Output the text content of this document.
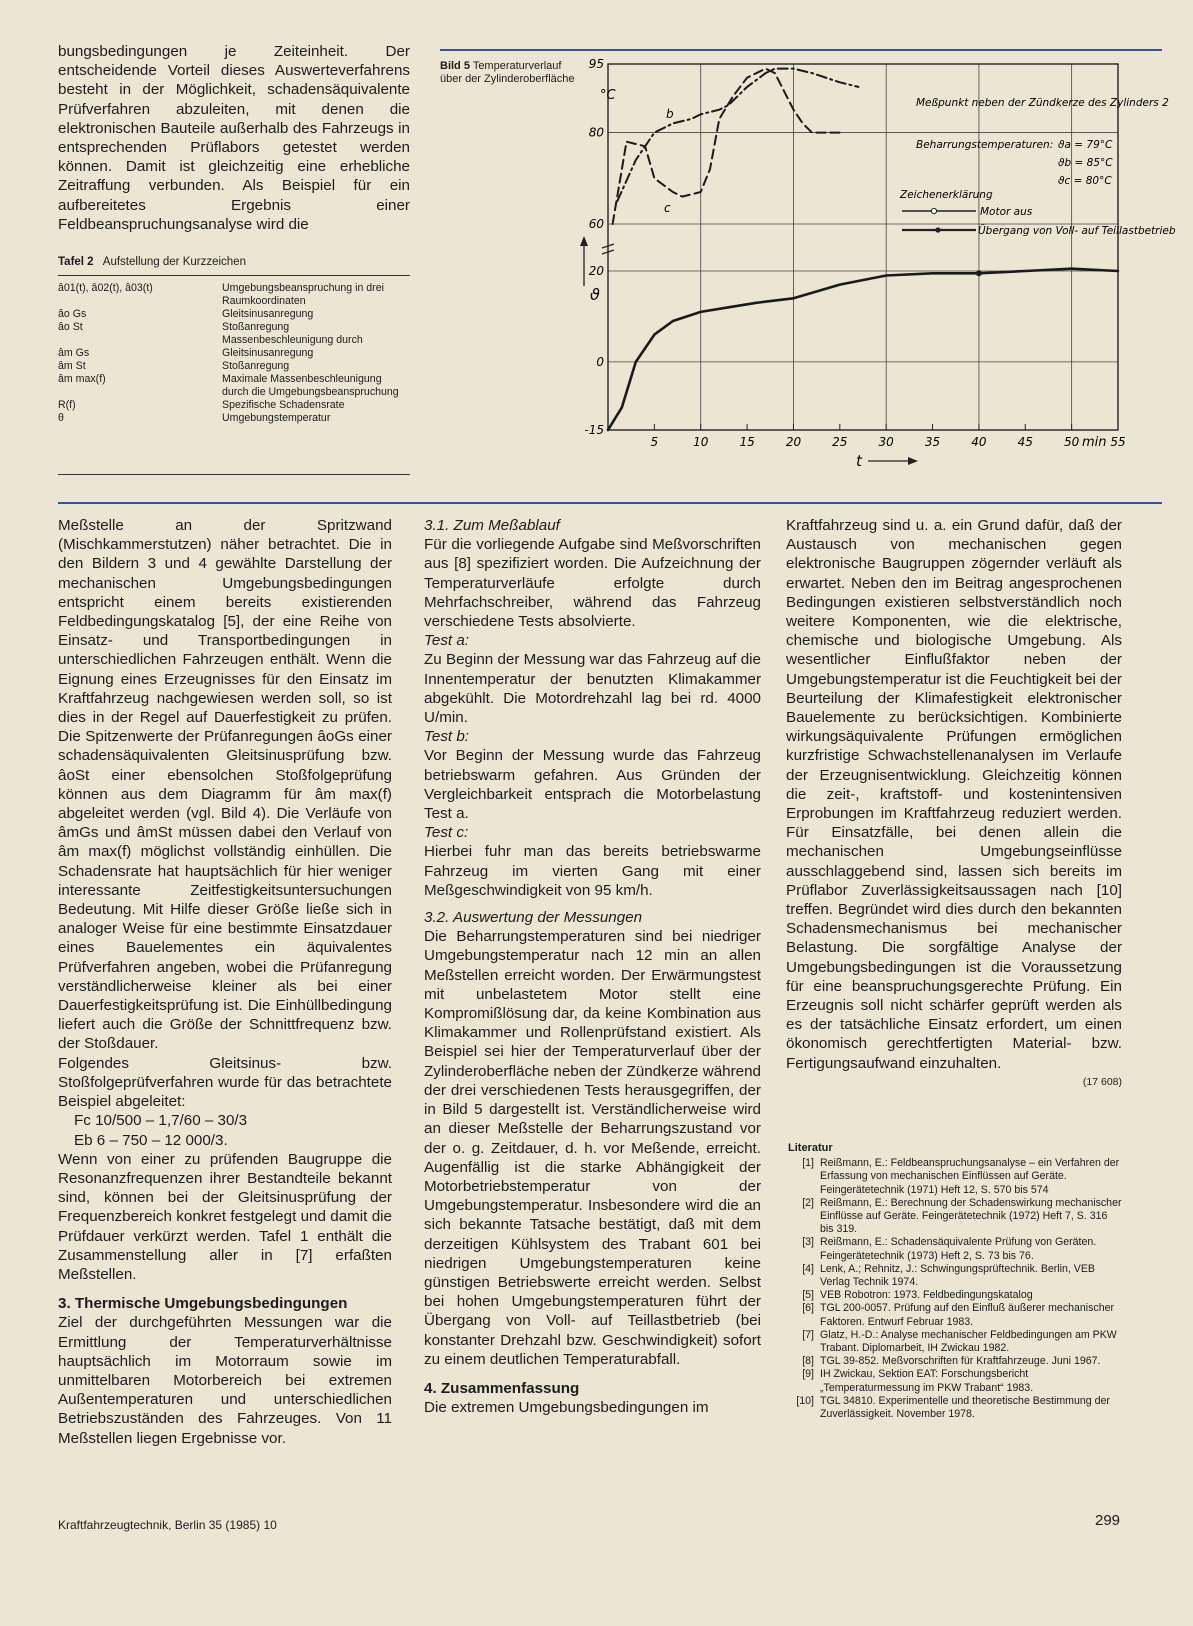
bungsbedingungen je Zeiteinheit. Der entscheidende Vorteil dieses Auswerteverfahrens besteht in der Möglichkeit, schadensäquivalente Prüfverfahren abzuleiten, mit denen die elektronischen Bauteile außerhalb des Fahrzeugs in entsprechenden Prüflabors getestet werden können. Damit ist gleichzeitig eine erhebliche Zeitraffung verbunden. Als Beispiel für ein aufbereitetes Ergebnis einer Feldbeanspruchungsanalyse wird die

Tafel 2 Aufstellung der Kurzzeichen
â01(t), â02(t), â03(t)	Umgebungsbeanspruchung in drei Raumkoordinaten
âo Gs	Gleitsinusanregung
âo St	Stoßanregung
	Massenbeschleunigung durch
âm Gs	Gleitsinusanregung
âm St	Stoßanregung
âm max(f)	Maximale Massenbeschleunigung durch die Umgebungsbeanspruchung
R(f)	Spezifische Schadensrate
θ	Umgebungstemperatur
Bild 5 Temperaturverlauf über der Zylinderoberfläche
5	10	15	20	25	30	35	40	45	50	55
-15
0
20
60
80
95
°C
ϑ
t
min
b
c
Meßpunkt neben der Zündkerze des Zylinders 2
Beharrungstemperaturen: ϑa = 79°C
ϑb = 85°C
ϑc = 80°C
Zeichenerklärung
Motor aus
Übergang von Voll- auf Teillastbetrieb

Meßstelle an der Spritzwand (Mischkammerstutzen) näher betrachtet. Die in den Bildern 3 und 4 gewählte Darstellung der mechanischen Umgebungsbedingungen entspricht einem bereits existierenden Feldbedingungskatalog [5], der eine Reihe von Einsatz- und Transportbedingungen in unterschiedlichen Fahrzeugen enthält. Wenn die Eignung eines Erzeugnisses für den Einsatz im Kraftfahrzeug nachgewiesen werden soll, so ist dies in der Regel auf Dauerfestigkeit zu prüfen. Die Spitzenwerte der Prüfanregungen âoGs einer schadensäquivalenten Gleitsinusprüfung bzw. âoSt einer ebensolchen Stoßfolgeprüfung können aus dem Diagramm für âm max(f) abgeleitet werden (vgl. Bild 4). Die Verläufe von âmGs und âmSt müssen dabei den Verlauf von âm max(f) möglichst vollständig einhüllen. Die Schadensrate hat hauptsächlich für hier weniger interessante Zeitfestigkeitsuntersuchungen Bedeutung. Mit Hilfe dieser Größe ließe sich in analoger Weise für eine bestimmte Einsatzdauer eines Bauelementes ein äquivalentes Prüfverfahren angeben, wobei die Prüfanregung verständlicherweise kleiner als bei einer Dauerfestigkeitsprüfung ist. Die Einhüllbedingung liefert auch die Größe der Schnittfrequenz bzw. der Stoßdauer.

Folgendes Gleitsinus- bzw. Stoßfolgeprüfverfahren wurde für das betrachtete Beispiel abgeleitet:

Fc 10/500 – 1,7/60 – 30/3

Eb 6 – 750 – 12 000/3.

Wenn von einer zu prüfenden Baugruppe die Resonanzfrequenzen ihrer Bestandteile bekannt sind, können bei der Gleitsinusprüfung der Frequenzbereich konkret festgelegt und damit die Prüfdauer verkürzt werden. Tafel 1 enthält die Zusammenstellung aller in [7] erfaßten Meßstellen.

3. Thermische Umgebungsbedingungen

Ziel der durchgeführten Messungen war die Ermittlung der Temperaturverhältnisse hauptsächlich im Motorraum sowie im unmittelbaren Motorbereich bei extremen Außentemperaturen und unterschiedlichen Betriebszuständen des Fahrzeuges. Von 11 Meßstellen liegen Ergebnisse vor.

3.1. Zum Meßablauf

Für die vorliegende Aufgabe sind Meßvorschriften aus [8] spezifiziert worden. Die Aufzeichnung der Temperaturverläufe erfolgte durch Mehrfachschreiber, während das Fahrzeug verschiedene Tests absolvierte.

Test a:

Zu Beginn der Messung war das Fahrzeug auf die Innentemperatur der benutzten Klimakammer abgekühlt. Die Motordrehzahl lag bei rd. 4000 U/min.

Test b:

Vor Beginn der Messung wurde das Fahrzeug betriebswarm gefahren. Aus Gründen der Vergleichbarkeit entsprach die Motorbelastung Test a.

Test c:

Hierbei fuhr man das bereits betriebswarme Fahrzeug im vierten Gang mit einer Meßgeschwindigkeit von 95 km/h.

3.2. Auswertung der Messungen

Die Beharrungstemperaturen sind bei niedriger Umgebungstemperatur nach 12 min an allen Meßstellen erreicht worden. Der Erwärmungstest mit unbelastetem Motor stellt eine Kompromißlösung dar, da keine Kombination aus Klimakammer und Rollenprüfstand existiert. Als Beispiel sei hier der Temperaturverlauf über der Zylinderoberfläche neben der Zündkerze während der drei verschiedenen Tests herausgegriffen, der in Bild 5 dargestellt ist. Verständlicherweise wird an dieser Meßstelle der Beharrungszustand vor der o. g. Zeitdauer, d. h. vor Meßende, erreicht. Augenfällig ist die starke Abhängigkeit der Motorbetriebstemperatur von der Umgebungstemperatur. Insbesondere wird die an sich bekannte Tatsache bestätigt, daß mit dem derzeitigen Kühlsystem des Trabant 601 bei niedrigen Umgebungstemperaturen keine günstigen Betriebswerte erreicht werden. Selbst bei hohen Umgebungstemperaturen führt der Übergang von Voll- auf Teillastbetrieb (bei konstanter Drehzahl bzw. Geschwindigkeit) sofort zu einem deutlichen Temperaturabfall.

4. Zusammenfassung

Die extremen Umgebungsbedingungen im

Kraftfahrzeug sind u. a. ein Grund dafür, daß der Austausch von mechanischen gegen elektronische Baugruppen zögernder verläuft als erwartet. Neben den im Beitrag angesprochenen Bedingungen existieren selbstverständlich noch weitere Komponenten, wie die elektrische, chemische und biologische Umgebung. Als wesentlicher Einflußfaktor neben der Umgebungstemperatur ist die Feuchtigkeit bei der Beurteilung der Klimafestigkeit elektronischer Bauelemente zu berücksichtigen. Kombinierte wirkungsäquivalente Prüfungen ermöglichen kurzfristige Schwachstellenanalysen im Verlaufe der Erzeugnisentwicklung. Gleichzeitig können die zeit-, kraftstoff- und kostenintensiven Erprobungen im Kraftfahrzeug reduziert werden. Für Einsatzfälle, bei denen allein die mechanischen Umgebungseinflüsse ausschlaggebend sind, lassen sich bereits im Prüflabor Zuverlässigkeitsaussagen nach [10] treffen. Begründet wird dies durch den bekannten Schadensmechanismus bei mechanischer Belastung. Die sorgfältige Analyse der Umgebungsbedingungen ist die Voraussetzung für eine beanspruchungsgerechte Prüfung. Ein Erzeugnis soll nicht schärfer geprüft werden als es der tatsächliche Einsatz erfordert, um einen ökonomisch gerechtfertigten Material- bzw. Fertigungsaufwand einzuhalten.

(17 608)

Literatur

[1] Reißmann, E.: Feldbeanspruchungsanalyse – ein Verfahren der Erfassung von mechanischen Einflüssen auf Geräte. Feingerätetechnik (1971) Heft 12, S. 570 bis 574
[2] Reißmann, E.: Berechnung der Schadenswirkung mechanischer Einflüsse auf Geräte. Feingerätetechnik (1972) Heft 7, S. 316 bis 319.
[3] Reißmann, E.: Schadensäquivalente Prüfung von Geräten. Feingerätetechnik (1973) Heft 2, S. 73 bis 76.
[4] Lenk, A.; Rehnitz, J.: Schwingungsprüftechnik. Berlin, VEB Verlag Technik 1974.
[5] VEB Robotron: 1973. Feldbedingungskatalog
[6] TGL 200-0057. Prüfung auf den Einfluß äußerer mechanischer Faktoren. Entwurf Februar 1983.
[7] Glatz, H.-D.: Analyse mechanischer Feldbedingungen am PKW Trabant. Diplomarbeit, IH Zwickau 1982.
[8] TGL 39-852. Meßvorschriften für Kraftfahrzeuge. Juni 1967.
[9] IH Zwickau, Sektion EAT: Forschungsbericht „Temperaturmessung im PKW Trabant“ 1983.
[10] TGL 34810. Experimentelle und theoretische Bestimmung der Zuverlässigkeit. November 1978.
Kraftfahrzeugtechnik, Berlin 35 (1985) 10	299
